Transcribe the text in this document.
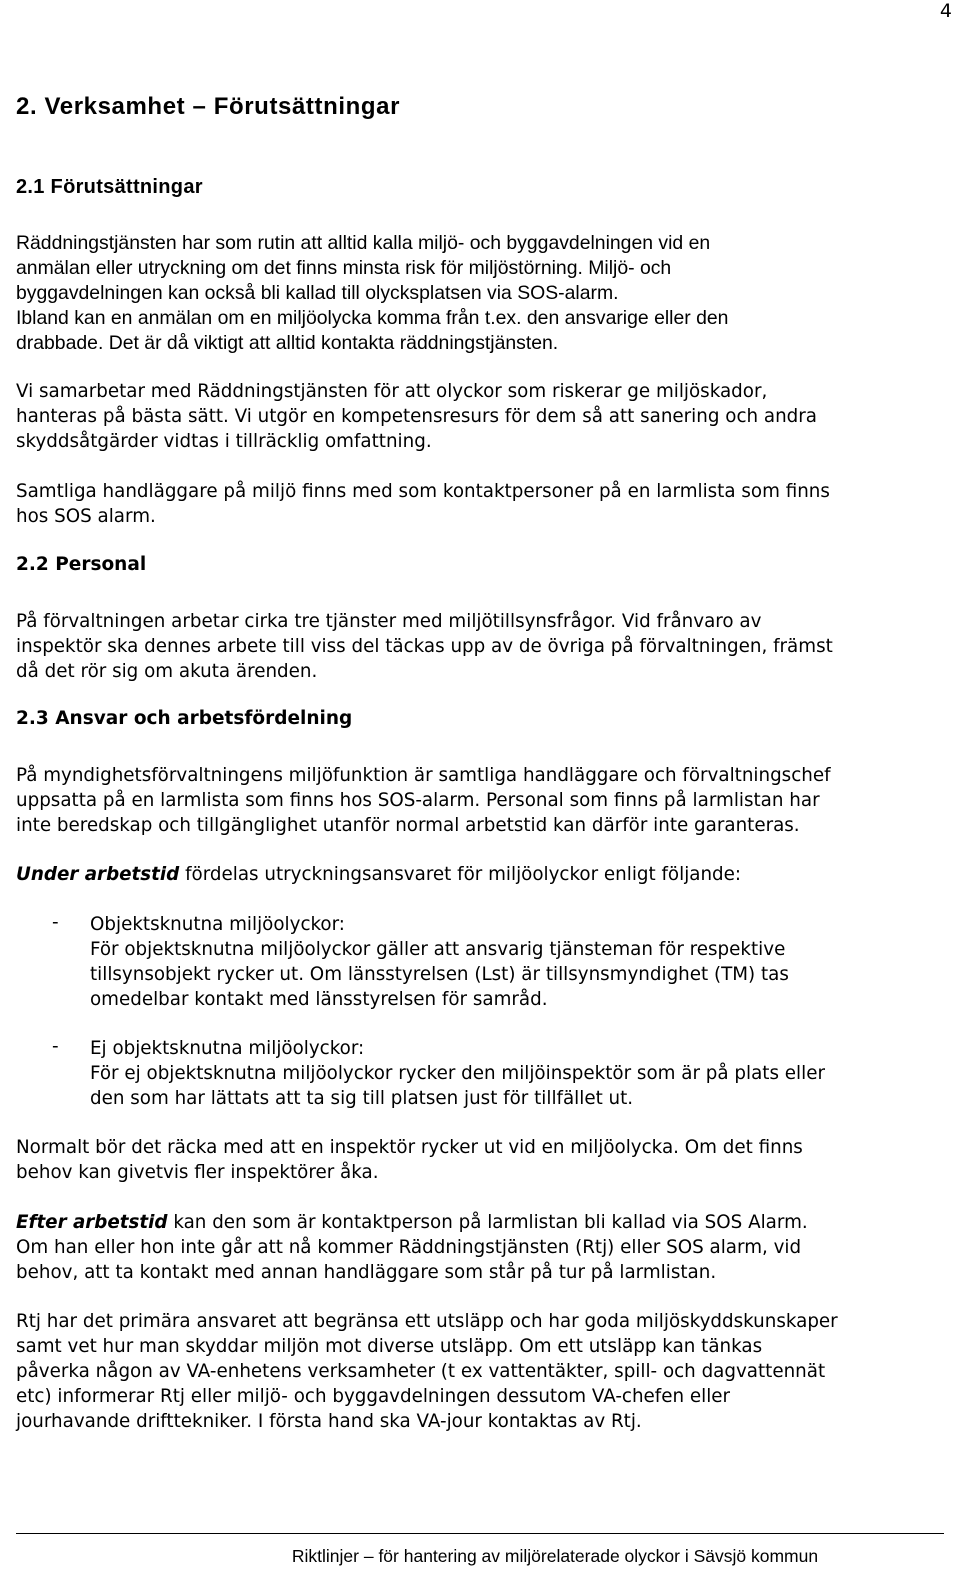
4
2. Verksamhet – Förutsättningar
2.1 Förutsättningar

Räddningstjänsten har som rutin att alltid kalla miljö- och byggavdelningen vid en
anmälan eller utryckning om det finns minsta risk för miljöstörning. Miljö- och
byggavdelningen kan också bli kallad till olycksplatsen via SOS-alarm.
Ibland kan en anmälan om en miljöolycka komma från t.ex. den ansvarige eller den
drabbade. Det är då viktigt att alltid kontakta räddningstjänsten.

Vi samarbetar med Räddningstjänsten för att olyckor som riskerar ge miljöskador,
hanteras på bästa sätt. Vi utgör en kompetensresurs för dem så att sanering och andra
skyddsåtgärder vidtas i tillräcklig omfattning.

Samtliga handläggare på miljö finns med som kontaktpersoner på en larmlista som finns
hos SOS alarm.

2.2 Personal

På förvaltningen arbetar cirka tre tjänster med miljötillsynsfrågor. Vid frånvaro av
inspektör ska dennes arbete till viss del täckas upp av de övriga på förvaltningen, främst
då det rör sig om akuta ärenden.

2.3 Ansvar och arbetsfördelning

På myndighetsförvaltningens miljöfunktion är samtliga handläggare och förvaltningschef
uppsatta på en larmlista som finns hos SOS-alarm. Personal som finns på larmlistan har
inte beredskap och tillgänglighet utanför normal arbetstid kan därför inte garanteras.

Under arbetstid fördelas utryckningsansvaret för miljöolyckor enligt följande:

- Objektsknutna miljöolyckor:
För objektsknutna miljöolyckor gäller att ansvarig tjänsteman för respektive
tillsynsobjekt rycker ut. Om länsstyrelsen (Lst) är tillsynsmyndighet (TM) tas
omedelbar kontakt med länsstyrelsen för samråd.
- Ej objektsknutna miljöolyckor:
För ej objektsknutna miljöolyckor rycker den miljöinspektör som är på plats eller
den som har lättats att ta sig till platsen just för tillfället ut.

Normalt bör det räcka med att en inspektör rycker ut vid en miljöolycka. Om det finns
behov kan givetvis fler inspektörer åka.

Efter arbetstid kan den som är kontaktperson på larmlistan bli kallad via SOS Alarm.
Om han eller hon inte går att nå kommer Räddningstjänsten (Rtj) eller SOS alarm, vid
behov, att ta kontakt med annan handläggare som står på tur på larmlistan.

Rtj har det primära ansvaret att begränsa ett utsläpp och har goda miljöskyddskunskaper
samt vet hur man skyddar miljön mot diverse utsläpp. Om ett utsläpp kan tänkas
påverka någon av VA-enhetens verksamheter (t ex vattentäkter, spill- och dagvattennät
etc) informerar Rtj eller miljö- och byggavdelningen dessutom VA-chefen eller
jourhavande drifttekniker. I första hand ska VA-jour kontaktas av Rtj.

Riktlinjer – för hantering av miljörelaterade olyckor i Sävsjö kommun
